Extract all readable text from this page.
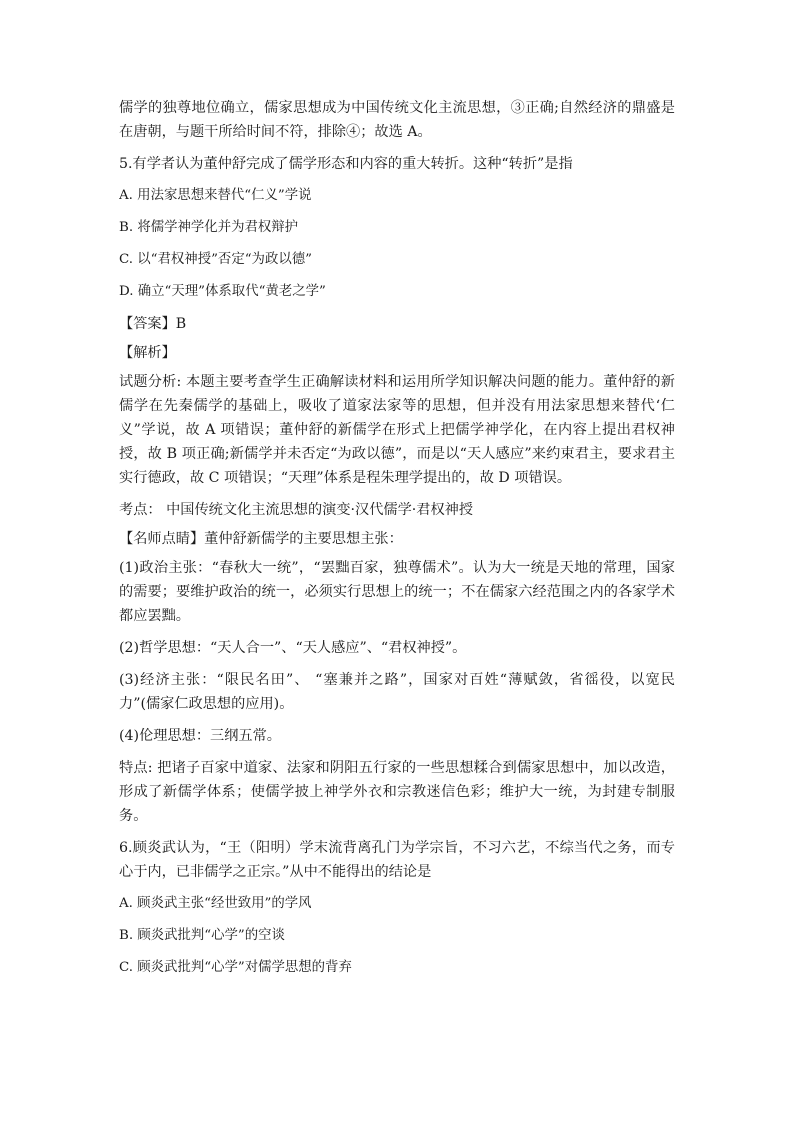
儒学的独尊地位确立，儒家思想成为中国传统文化主流思想，③正确;自然经济的鼎盛是在唐朝，与题干所给时间不符，排除④；故选 A。

5.有学者认为董仲舒完成了儒学形态和内容的重大转折。这种“转折”是指

A. 用法家思想来替代“仁义”学说

B. 将儒学神学化并为君权辩护

C. 以“君权神授”否定“为政以德”

D. 确立“天理”体系取代“黄老之学”

【答案】B

【解析】

试题分析: 本题主要考查学生正确解读材料和运用所学知识解决问题的能力。董仲舒的新儒学在先秦儒学的基础上，吸收了道家法家等的思想，但并没有用法家思想来替代‘仁义”学说，故 A 项错误；董仲舒的新儒学在形式上把儒学神学化，在内容上提出君权神授，故 B 项正确;新儒学并未否定“为政以德”，而是以“天人感应”来约束君主，要求君主实行德政，故 C 项错误；“天理”体系是程朱理学提出的，故 D 项错误。

考点： 中国传统文化主流思想的演变·汉代儒学·君权神授

【名师点睛】董仲舒新儒学的主要思想主张：

(1)政治主张：“春秋大一统”，“罢黜百家，独尊儒术”。认为大一统是天地的常理，国家的需要；要维护政治的统一，必须实行思想上的统一；不在儒家六经范围之内的各家学术都应罢黜。

(2)哲学思想：“天人合一”、“天人感应”、“君权神授”。

(3)经济主张：“限民名田”、 “塞兼并之路”，国家对百姓“薄赋敛，省徭役，以宽民力”(儒家仁政思想的应用)。

(4)伦理思想：三纲五常。

特点: 把诸子百家中道家、法家和阴阳五行家的一些思想糅合到儒家思想中，加以改造，形成了新儒学体系；使儒学披上神学外衣和宗教迷信色彩；维护大一统，为封建专制服务。

6.顾炎武认为，“王（阳明）学末流背离孔门为学宗旨，不习六艺，不综当代之务，而专心于内，已非儒学之正宗。”从中不能得出的结论是

A. 顾炎武主张“经世致用”的学风

B. 顾炎武批判“心学”的空谈

C. 顾炎武批判“心学”对儒学思想的背弃
